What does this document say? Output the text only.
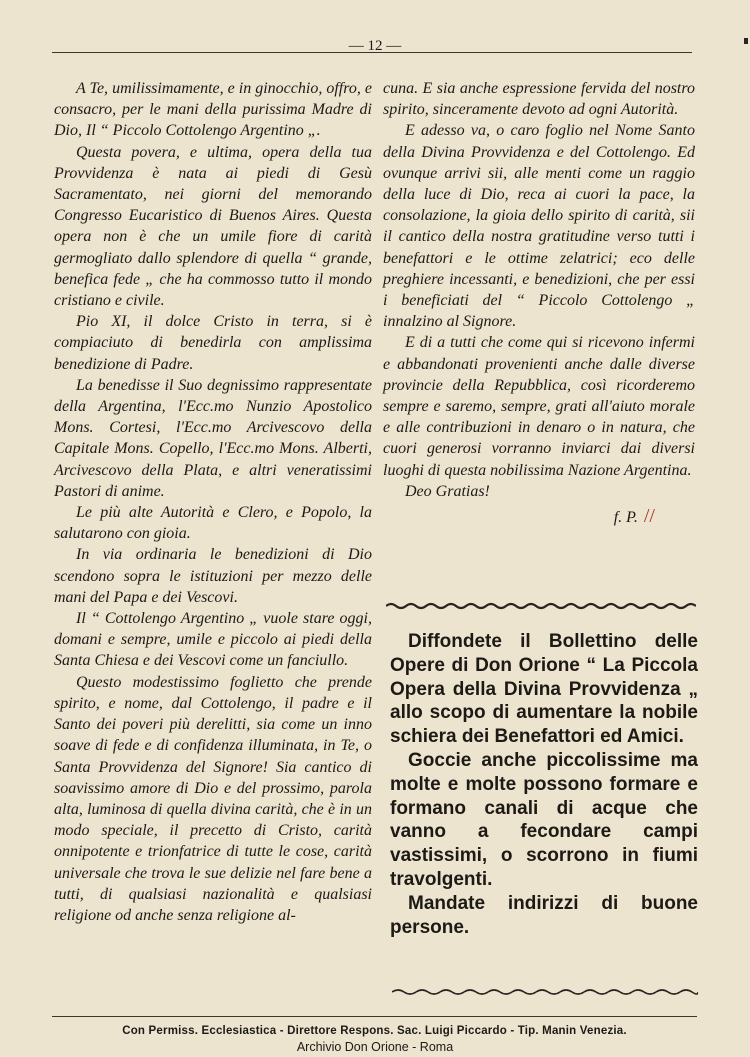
— 12 —

A Te, umilissimamente, e in ginocchio, offro, e consacro, per le mani della purissima Madre di Dio, Il “ Piccolo Cottolengo Argentino „.

Questa povera, e ultima, opera della tua Provvidenza è nata ai piedi di Gesù Sacramentato, nei giorni del memorando Congresso Eucaristico di Buenos Aires. Questa opera non è che un umile fiore di carità germogliato dallo splendore di quella “ grande, benefica fede „ che ha commosso tutto il mondo cristiano e civile.

Pio XI, il dolce Cristo in terra, si è compiaciuto di benedirla con amplissima benedizione di Padre.

La benedisse il Suo degnissimo rappresentate della Argentina, l'Ecc.mo Nunzio Apostolico Mons. Cortesi, l'Ecc.mo Arcivescovo della Capitale Mons. Copello, l'Ecc.mo Mons. Alberti, Arcivescovo della Plata, e altri veneratissimi Pastori di anime.

Le più alte Autorità e Clero, e Popolo, la salutarono con gioia.

In via ordinaria le benedizioni di Dio scendono sopra le istituzioni per mezzo delle mani del Papa e dei Vescovi.

Il “ Cottolengo Argentino „ vuole stare oggi, domani e sempre, umile e piccolo ai piedi della Santa Chiesa e dei Vescovi come un fanciullo.

Questo modestissimo foglietto che prende spirito, e nome, dal Cottolengo, il padre e il Santo dei poveri più derelitti, sia come un inno soave di fede e di confidenza illuminata, in Te, o Santa Provvidenza del Signore! Sia cantico di soavissimo amore di Dio e del prossimo, parola alta, luminosa di quella divina carità, che è in un modo speciale, il precetto di Cristo, carità onnipotente e trionfatrice di tutte le cose, carità universale che trova le sue delizie nel fare bene a tutti, di qualsiasi nazionalità e qualsiasi religione od anche senza religione al-

cuna. E sia anche espressione fervida del nostro spirito, sinceramente devoto ad ogni Autorità.

E adesso va, o caro foglio nel Nome Santo della Divina Provvidenza e del Cottolengo. Ed ovunque arrivi sii, alle menti come un raggio della luce di Dio, reca ai cuori la pace, la consolazione, la gioia dello spirito di carità, sii il cantico della nostra gratitudine verso tutti i benefattori e le ottime zelatrici; eco delle preghiere incessanti, e benedizioni, che per essi i beneficiati del “ Piccolo Cottolengo „ innalzino al Signore.

E di a tutti che come qui si ricevono infermi e abbandonati provenienti anche dalle diverse provincie della Repubblica, così ricorderemo sempre e saremo, sempre, grati all'aiuto morale e alle contribuzioni in denaro o in natura, che cuori generosi vorranno inviarci dai diversi luoghi di questa nobilissima Nazione Argentina.

Deo Gratias!

f. P. //

Diffondete il Bollettino delle Opere di Don Orione “ La Piccola Opera della Divina Provvidenza „ allo scopo di aumentare la nobile schiera dei Benefattori ed Amici.

Goccie anche piccolissime ma molte e molte possono formare e formano canali di acque che vanno a fecondare campi vastissimi, o scorrono in fiumi travolgenti.

Mandate indirizzi di buone persone.

Con Permiss. Ecclesiastica - Direttore Respons. Sac. Luigi Piccardo - Tip. Manin Venezia.
Archivio Don Orione - Roma
